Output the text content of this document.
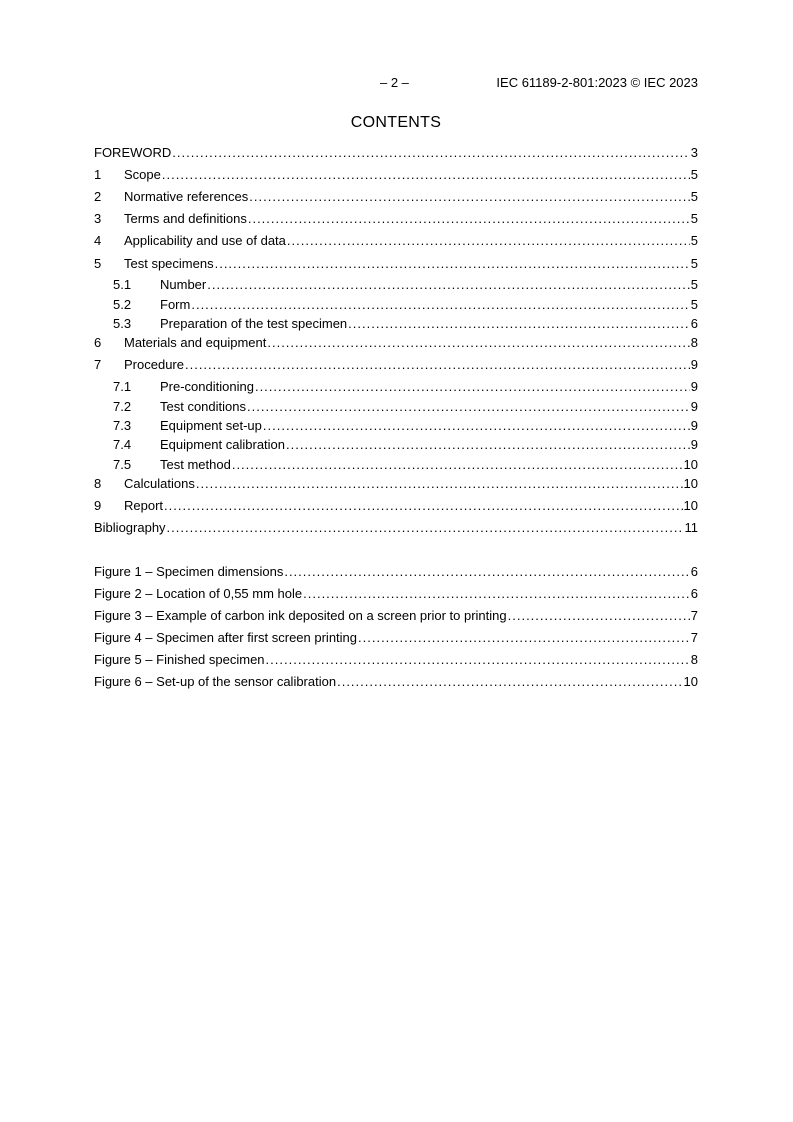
– 2 –	IEC 61189-2-801:2023 © IEC 2023
CONTENTS
FOREWORD .....	3
1	Scope .....	5
2	Normative references .....	5
3	Terms and definitions .....	5
4	Applicability and use of data .....	5
5	Test specimens .....	5
5.1	Number .....	5
5.2	Form .....	5
5.3	Preparation of the test specimen .....	6
6	Materials and equipment .....	8
7	Procedure .....	9
7.1	Pre-conditioning .....	9
7.2	Test conditions .....	9
7.3	Equipment set-up .....	9
7.4	Equipment calibration .....	9
7.5	Test method .....	10
8	Calculations .....	10
9	Report .....	10
Bibliography .....	11
Figure 1 – Specimen dimensions .....	6
Figure 2 – Location of 0,55 mm hole .....	6
Figure 3 – Example of carbon ink deposited on a screen prior to printing .....	7
Figure 4 – Specimen after first screen printing .....	7
Figure 5 – Finished specimen .....	8
Figure 6 – Set-up of the sensor calibration .....	10
